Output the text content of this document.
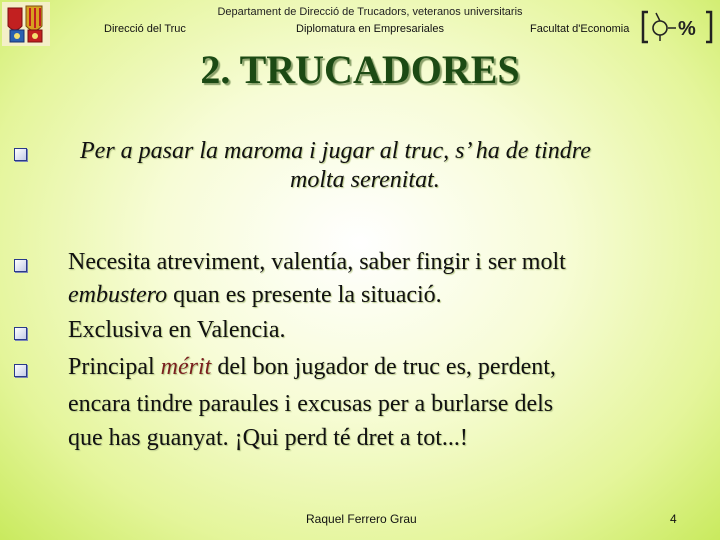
Departament de Direcció de Trucadors, veteranos universitaris
Direcció del Truc	Diplomatura en Empresariales	Facultat d'Economia %
2. TRUCADORES
Per a pasar la maroma i jugar al truc, s’ ha de tindre
molta serenitat.
Necesita atreviment, valentía, saber fingir i ser molt
embustero quan es presente la situació.
Exclusiva en Valencia.
Principal mérit del bon jugador de truc es, perdent,
encara tindre paraules i excusas per a burlarse dels
que has guanyat. ¡Qui perd té dret a tot...!
Raquel Ferrero Grau	4
